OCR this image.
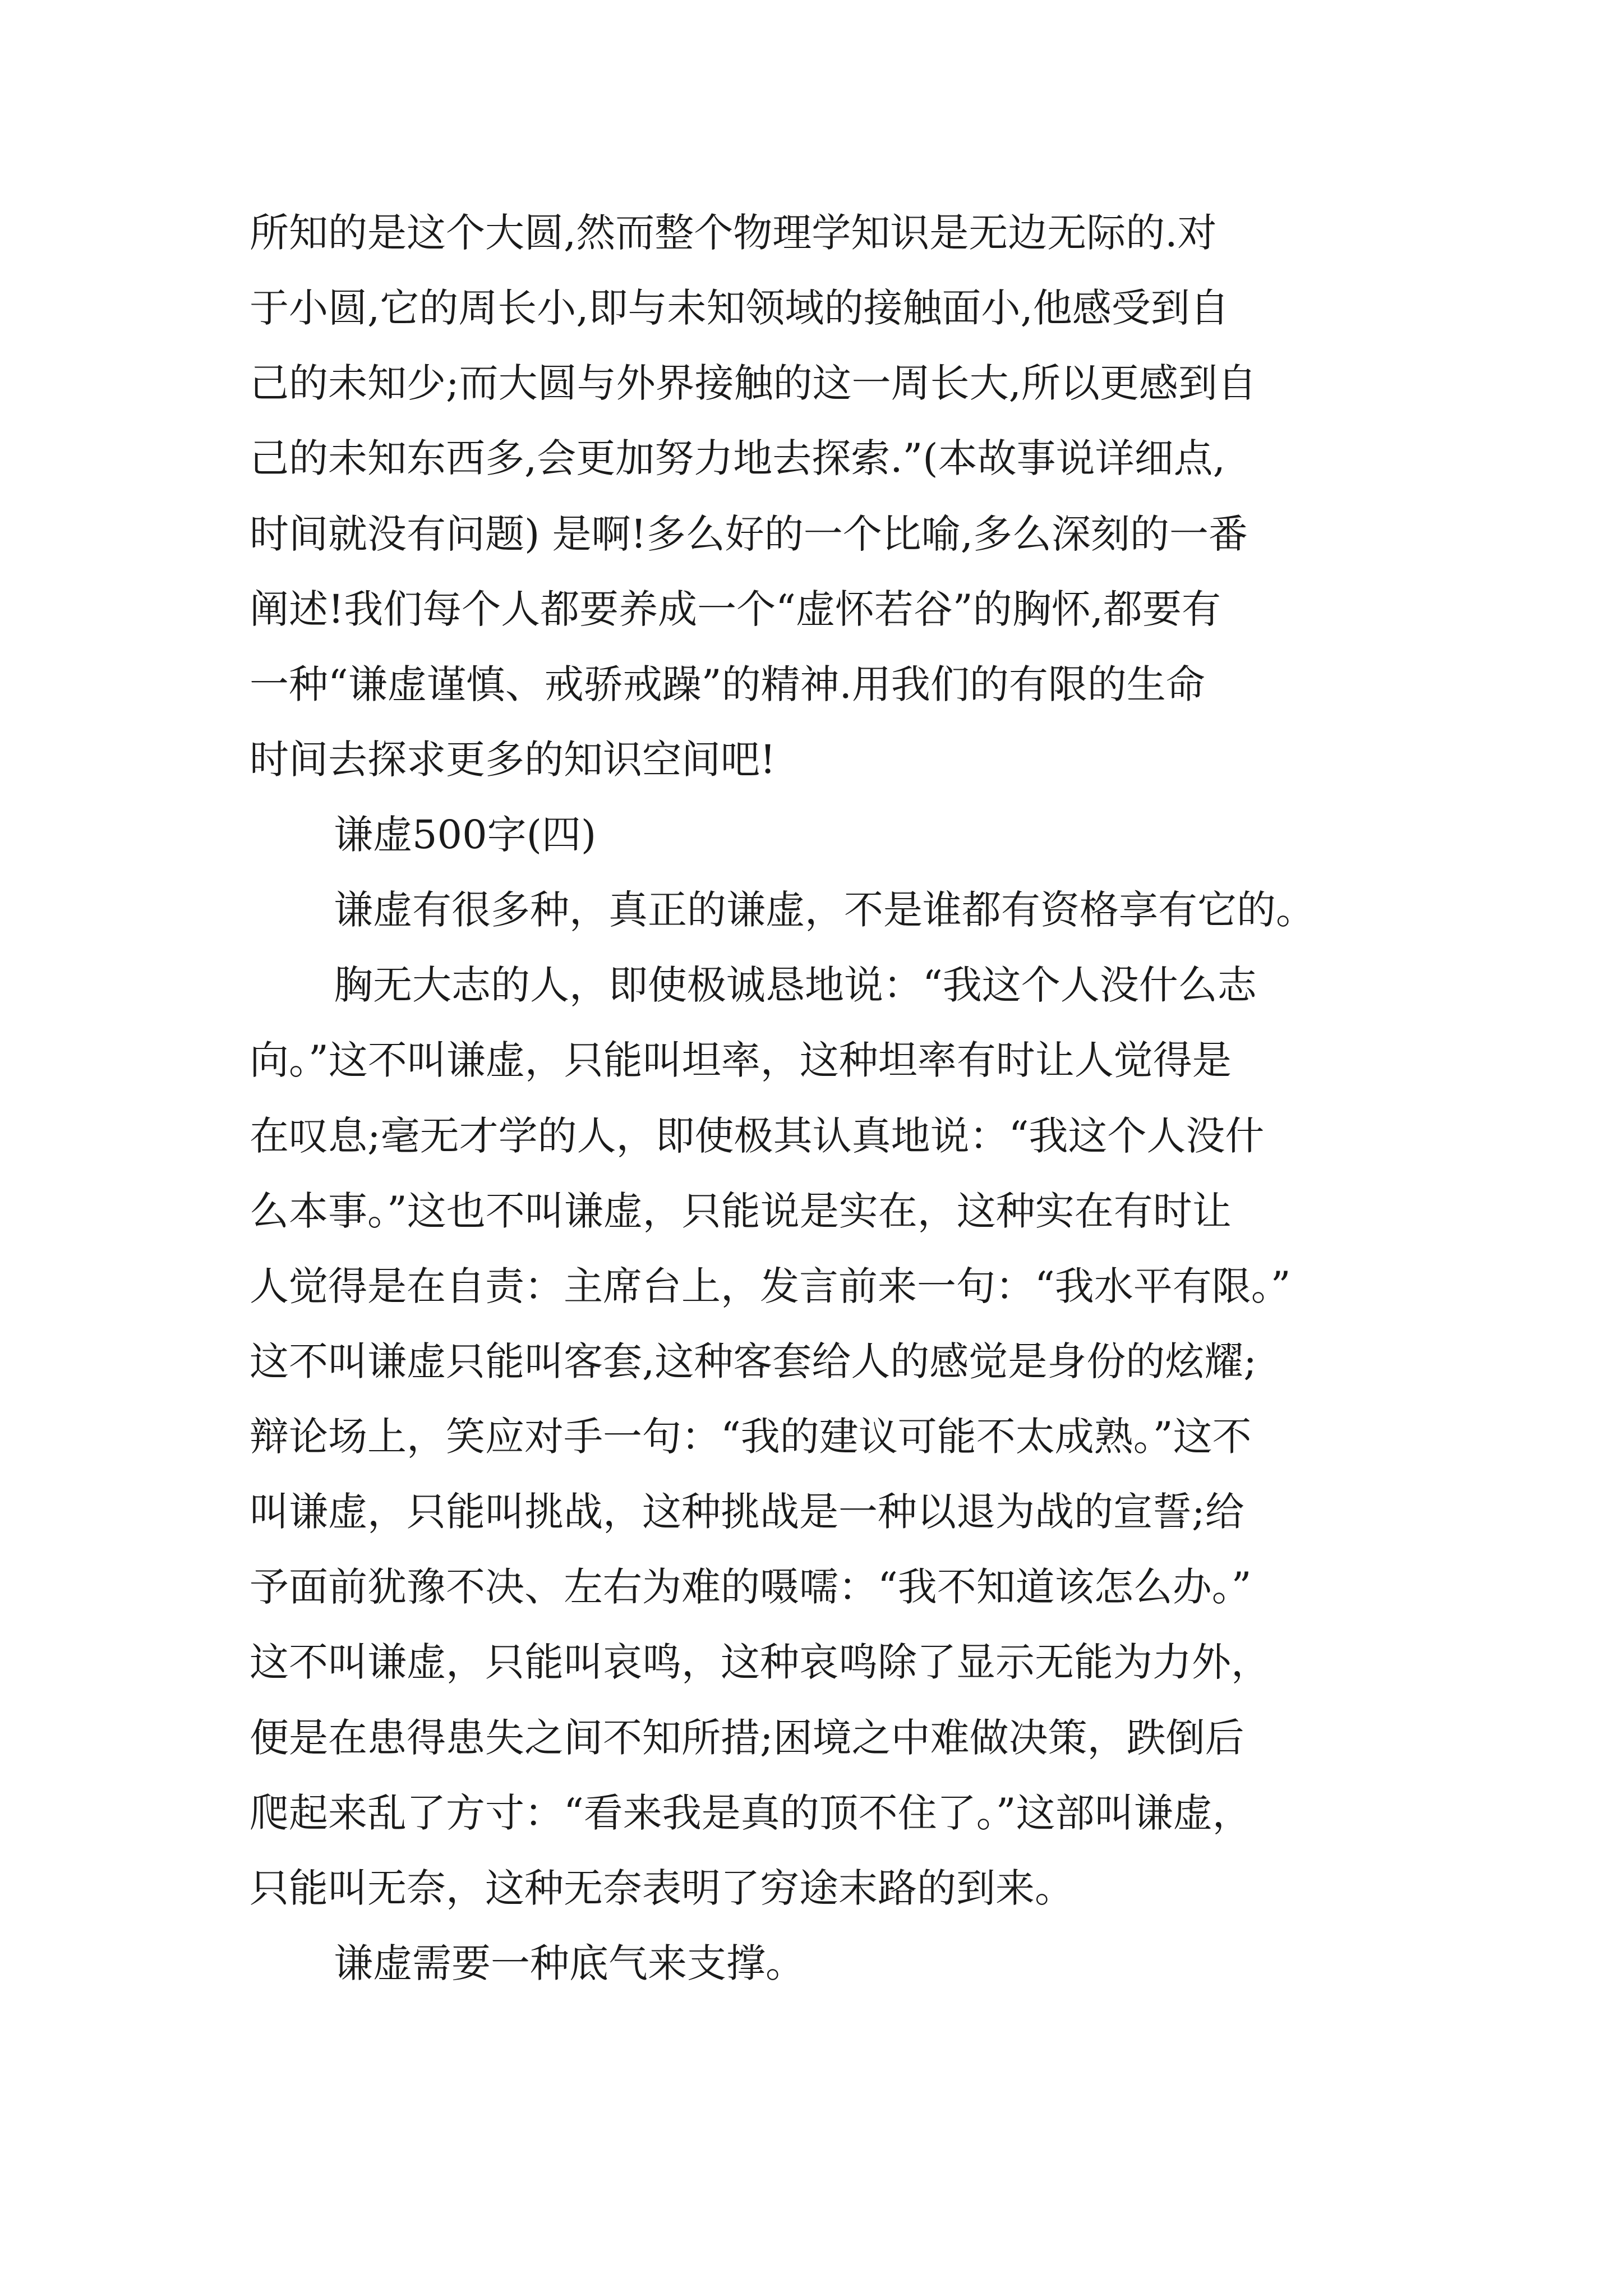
所知的是这个大圆,然而整个物理学知识是无边无际的.对
于小圆,它的周长小,即与未知领域的接触面小,他感受到自
己的未知少;而大圆与外界接触的这一周长大,所以更感到自
己的未知东西多,会更加努力地去探索.”(本故事说详细点,
时间就没有问题) 是啊!多么好的一个比喻,多么深刻的一番
阐述!我们每个人都要养成一个“虚怀若谷”的胸怀,都要有
一种“谦虚谨慎、戒骄戒躁”的精神.用我们的有限的生命
时间去探求更多的知识空间吧!
谦虚500字(四)
谦虚有很多种，真正的谦虚，不是谁都有资格享有它的。
胸无大志的人，即使极诚恳地说：“我这个人没什么志
向。”这不叫谦虚，只能叫坦率，这种坦率有时让人觉得是
在叹息;毫无才学的人，即使极其认真地说：“我这个人没什
么本事。”这也不叫谦虚，只能说是实在，这种实在有时让
人觉得是在自责：主席台上，发言前来一句：“我水平有限。”
这不叫谦虚只能叫客套,这种客套给人的感觉是身份的炫耀;
辩论场上，笑应对手一句：“我的建议可能不太成熟。”这不
叫谦虚，只能叫挑战，这种挑战是一种以退为战的宣誓;给
予面前犹豫不决、左右为难的嗫嚅：“我不知道该怎么办。”
这不叫谦虚，只能叫哀鸣，这种哀鸣除了显示无能为力外，
便是在患得患失之间不知所措;困境之中难做决策，跌倒后
爬起来乱了方寸：“看来我是真的顶不住了。”这部叫谦虚，
只能叫无奈，这种无奈表明了穷途末路的到来。
谦虚需要一种底气来支撑。
